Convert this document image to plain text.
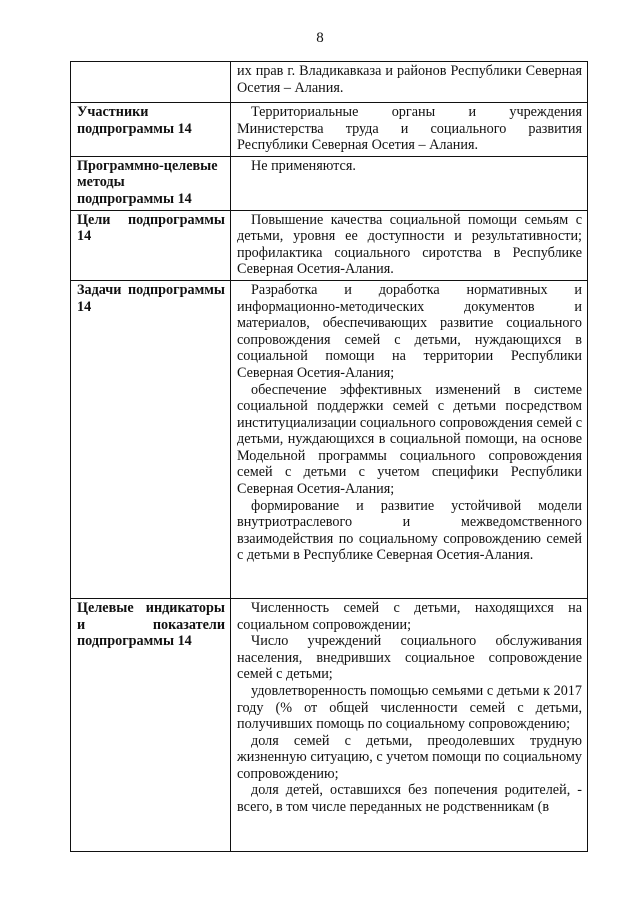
8

	их прав г. Владикавказа и районов Республики Северная Осетия – Алания.

Участники подпрограммы 14	Территориальные органы и учреждения Министерства труда и социального развития Республики Северная Осетия – Алания.

Программно-целевые методы подпрограммы 14	Не применяются.

Цели подпрограммы 14	Повышение качества социальной помощи семьям с детьми, уровня ее доступности и результативности; профилактика социального сиротства в Республике Северная Осетия-Алания.

Задачи подпрограммы 14	Разработка и доработка нормативных и информационно-методических документов и материалов, обеспечивающих развитие социального сопровождения семей с детьми, нуждающихся в социальной помощи на территории Республики Северная Осетия-Алания;

обеспечение эффективных изменений в системе социальной поддержки семей с детьми посредством институциализации социального сопровождения семей с детьми, нуждающихся в социальной помощи, на основе Модельной программы социального сопровождения семей с детьми с учетом специфики Республики Северная Осетия-Алания;

формирование и развитие устойчивой модели внутриотраслевого и межведомственного взаимодействия по социальному сопровождению семей с детьми в Республике Северная Осетия-Алания.

Целевые индикаторы и показатели подпрограммы 14	Численность семей с детьми, находящихся на социальном сопровождении;

Число учреждений социального обслуживания населения, внедривших социальное сопровождение семей с детьми;

удовлетворенность помощью семьями с детьми к 2017 году (% от общей численности семей с детьми, получивших помощь по социальному сопровождению;

доля семей с детьми, преодолевших трудную жизненную ситуацию, с учетом помощи по социальному сопровождению;

доля детей, оставшихся без попечения родителей, - всего, в том числе переданных не родственникам (в
